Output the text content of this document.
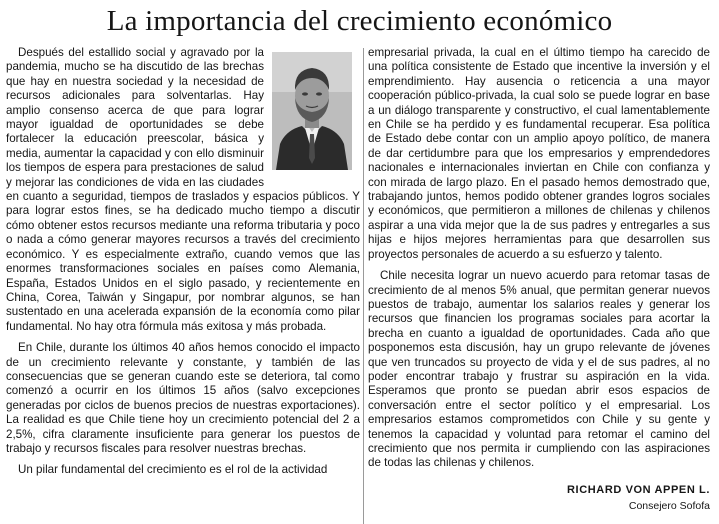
La importancia del crecimiento económico

Después del estallido social y agravado por la pandemia, mucho se ha discutido de las brechas que hay en nuestra sociedad y la necesidad de recursos adicionales para solventarlas. Hay amplio consenso acerca de que para lograr mayor igualdad de oportunidades se debe fortalecer la educación preescolar, básica y media, aumentar la capacidad y con ello disminuir los tiempos de espera para prestaciones de salud y mejorar las condiciones de vida en las ciudades en cuanto a seguridad, tiempos de traslados y espacios públicos. Y para lograr estos fines, se ha dedicado mucho tiempo a discutir cómo obtener estos recursos mediante una reforma tributaria y poco o nada a cómo generar mayores recursos a través del crecimiento económico. Y es especialmente extraño, cuando vemos que las enormes transformaciones sociales en países como Alemania, España, Estados Unidos en el siglo pasado, y recientemente en China, Corea, Taiwán y Singapur, por nombrar algunos, se han sustentado en una acelerada expansión de la economía como pilar fundamental. No hay otra fórmula más exitosa y más probada.

En Chile, durante los últimos 40 años hemos conocido el impacto de un crecimiento relevante y constante, y también de las consecuencias que se generan cuando este se deteriora, tal como comenzó a ocurrir en los últimos 15 años (salvo excepciones generadas por ciclos de buenos precios de nuestras exportaciones). La realidad es que Chile tiene hoy un crecimiento potencial del 2 a 2,5%, cifra claramente insuficiente para generar los puestos de trabajo y recursos fiscales para resolver nuestras brechas.

Un pilar fundamental del crecimiento es el rol de la actividad

empresarial privada, la cual en el último tiempo ha carecido de una política consistente de Estado que incentive la inversión y el emprendimiento. Hay ausencia o reticencia a una mayor cooperación público-privada, la cual solo se puede lograr en base a un diálogo transparente y constructivo, el cual lamentablemente en Chile se ha perdido y es fundamental recuperar. Esa política de Estado debe contar con un amplio apoyo político, de manera de dar certidumbre para que los empresarios y emprendedores nacionales e internacionales inviertan en Chile con confianza y con mirada de largo plazo. En el pasado hemos demostrado que, trabajando juntos, hemos podido obtener grandes logros sociales y económicos, que permitieron a millones de chilenas y chilenos aspirar a una vida mejor que la de sus padres y entregarles a sus hijas e hijos mejores herramientas para que desarrollen sus proyectos personales de acuerdo a su esfuerzo y talento.

Chile necesita lograr un nuevo acuerdo para retomar tasas de crecimiento de al menos 5% anual, que permitan generar nuevos puestos de trabajo, aumentar los salarios reales y generar los recursos que financien los programas sociales para acortar la brecha en cuanto a igualdad de oportunidades. Cada año que posponemos esta discusión, hay un grupo relevante de jóvenes que ven truncados su proyecto de vida y el de sus padres, al no poder encontrar trabajo y frustrar su aspiración en la vida. Esperamos que pronto se puedan abrir esos espacios de conversación entre el sector político y el empresarial. Los empresarios estamos comprometidos con Chile y su gente y tenemos la capacidad y voluntad para retomar el camino del crecimiento que nos permita ir cumpliendo con las aspiraciones de todas las chilenas y chilenos.

RICHARD VON APPEN L.
Consejero Sofofa
